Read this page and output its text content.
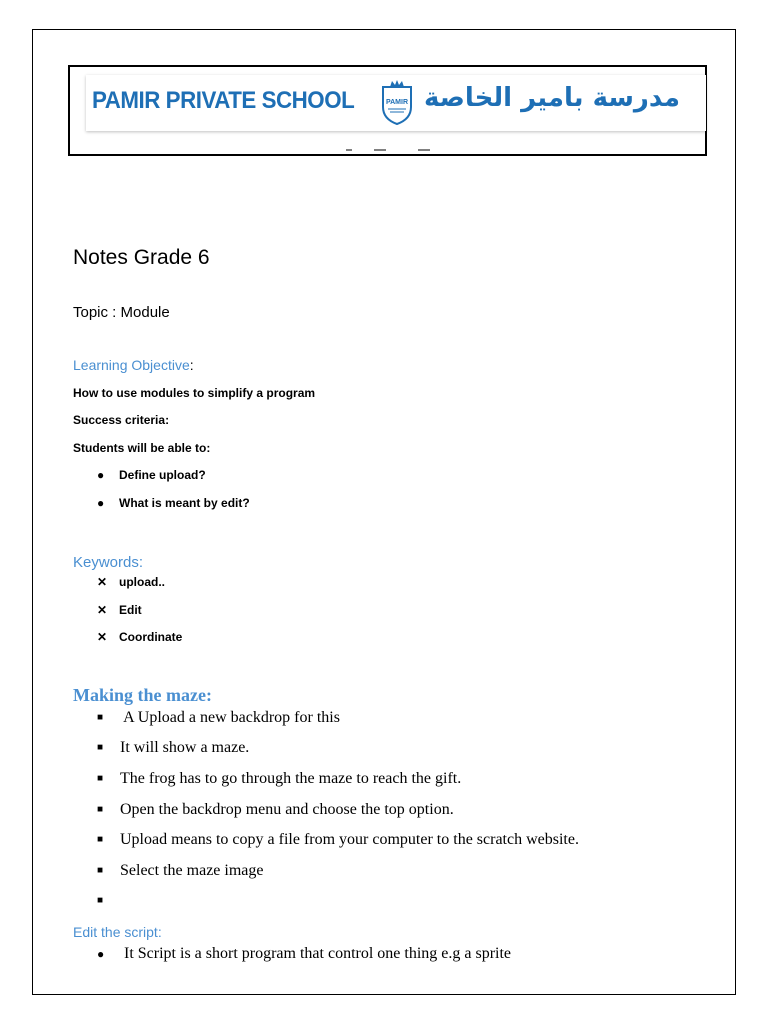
PAMIR PRIVATE SCHOOL	PAMIR مدرسة بامير الخاصة
Notes Grade 6
Topic : Module
Learning Objective:
How to use modules to simplify a program
Success criteria:
Students will be able to:
● Define upload?
● What is meant by edit?
Keywords:
✕ upload..
✕ Edit
✕ Coordinate
Making the maze:
■ A Upload a new backdrop for this
■ It will show a maze.
■ The frog has to go through the maze to reach the gift.
■ Open the backdrop menu and choose the top option.
■ Upload means to copy a file from your computer to the scratch website.
■ Select the maze image
■
Edit the script:
● It Script is a short program that control one thing e.g a sprite
